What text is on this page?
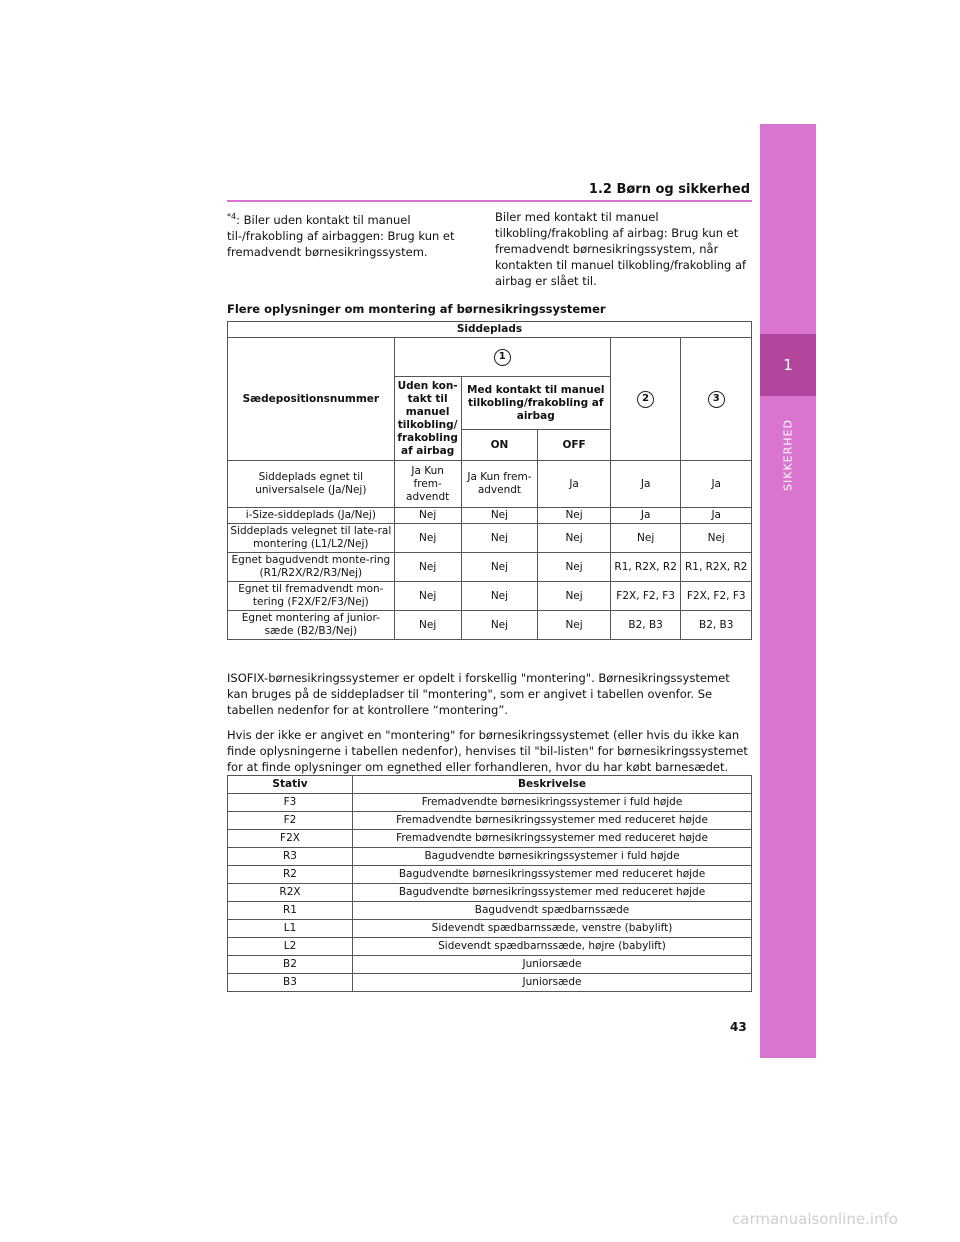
1
SIKKERHED
1.2 Børn og sikkerhed
$^{*4}$: Biler uden kontakt til manuel til-/frakobling af airbaggen: Brug kun et fremadvendt børnesikringssystem.
Biler med kontakt til manuel tilkobling/frakobling af airbag: Brug kun et fremadvendt børnesikringssystem, når kontakten til manuel tilkobling/frakobling af airbag er slået til.
Flere oplysninger om montering af børnesikringssystemer
Siddeplads					
Sædepositionsnummer	1			2	3
	Uden kon-takt til manuel tilkobling/ frakobling af airbag	Med kontakt til manuel tilkobling/frakobling af airbag			
		ON	OFF		
Siddeplads egnet til universalsele (Ja/Nej)	Ja Kun frem-advendt	Ja Kun frem-advendt	Ja	Ja	Ja
i-Size-siddeplads (Ja/Nej)	Nej	Nej	Nej	Ja	Ja
Siddeplads velegnet til late-ral montering (L1/L2/Nej)	Nej	Nej	Nej	Nej	Nej
Egnet bagudvendt monte-ring (R1/R2X/R2/R3/Nej)	Nej	Nej	Nej	R1, R2X, R2	R1, R2X, R2
Egnet til fremadvendt mon-tering (F2X/F2/F3/Nej)	Nej	Nej	Nej	F2X, F2, F3	F2X, F2, F3
Egnet montering af junior-sæde (B2/B3/Nej)	Nej	Nej	Nej	B2, B3	B2, B3
ISOFIX-børnesikringssystemer er opdelt i forskellig "montering". Børnesikringssystemet kan bruges på de siddepladser til "montering", som er angivet i tabellen ovenfor. Se tabellen nedenfor for at kontrollere “montering”.
Hvis der ikke er angivet en "montering" for børnesikringssystemet (eller hvis du ikke kan finde oplysningerne i tabellen nedenfor), henvises til "bil-listen" for børnesikringssystemet for at finde oplysninger om egnethed eller forhandleren, hvor du har købt barnesædet.
Stativ	Beskrivelse
F3	Fremadvendte børnesikringssystemer i fuld højde
F2	Fremadvendte børnesikringssystemer med reduceret højde
F2X	Fremadvendte børnesikringssystemer med reduceret højde
R3	Bagudvendte børnesikringssystemer i fuld højde
R2	Bagudvendte børnesikringssystemer med reduceret højde
R2X	Bagudvendte børnesikringssystemer med reduceret højde
R1	Bagudvendt spædbarnssæde
L1	Sidevendt spædbarnssæde, venstre (babylift)
L2	Sidevendt spædbarnssæde, højre (babylift)
B2	Juniorsæde
B3	Juniorsæde
43
carmanualsonline.info
